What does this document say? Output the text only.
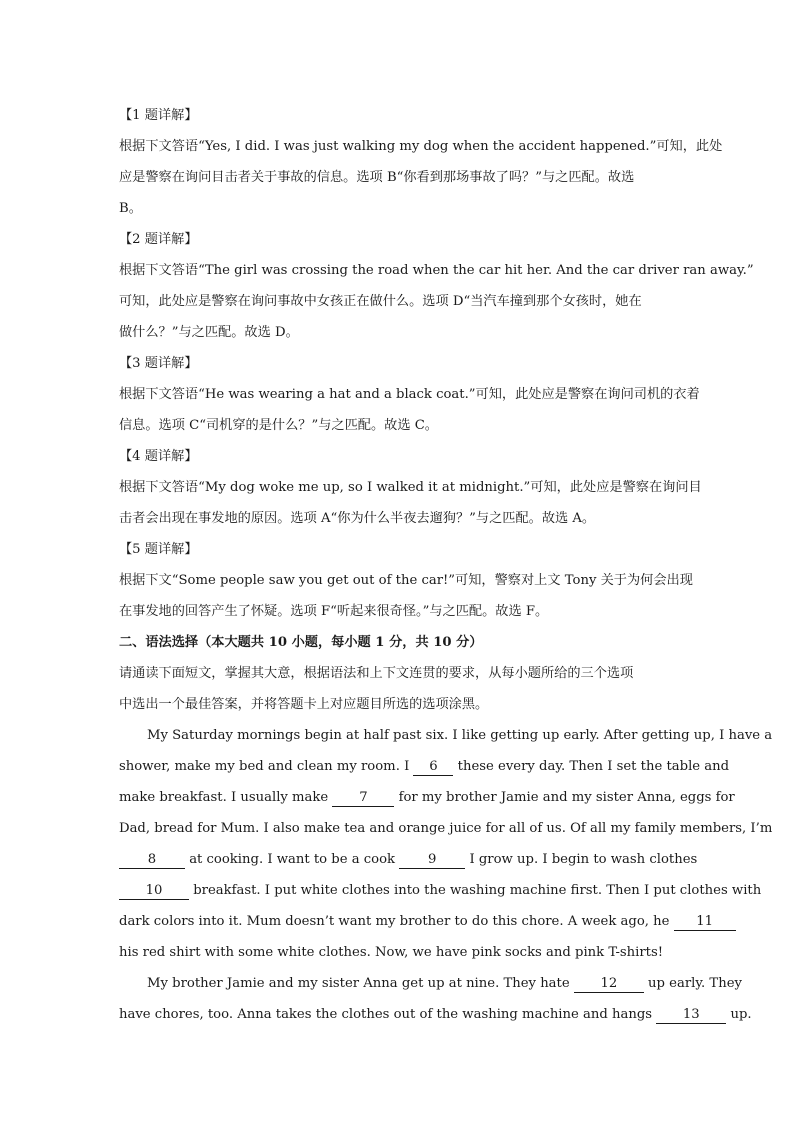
【1 题详解】
根据下文答语“Yes, I did. I was just walking my dog when the accident happened.”可知，此处
应是警察在询问目击者关于事故的信息。选项 B“你看到那场事故了吗？”与之匹配。故选
B。
【2 题详解】
根据下文答语“The girl was crossing the road when the car hit her. And the car driver ran away.”
可知，此处应是警察在询问事故中女孩正在做什么。选项 D“当汽车撞到那个女孩时，她在
做什么？”与之匹配。故选 D。
【3 题详解】
根据下文答语“He was wearing a hat and a black coat.”可知，此处应是警察在询问司机的衣着
信息。选项 C“司机穿的是什么？”与之匹配。故选 C。
【4 题详解】
根据下文答语“My dog woke me up, so I walked it at midnight.”可知，此处应是警察在询问目
击者会出现在事发地的原因。选项 A“你为什么半夜去遛狗？”与之匹配。故选 A。
【5 题详解】
根据下文“Some people saw you get out of the car!”可知，警察对上文 Tony 关于为何会出现
在事发地的回答产生了怀疑。选项 F“听起来很奇怪。”与之匹配。故选 F。
二、语法选择（本大题共 10 小题，每小题 1 分，共 10 分）
请通读下面短文，掌握其大意，根据语法和上下文连贯的要求，从每小题所给的三个选项
中选出一个最佳答案，并将答题卡上对应题目所选的选项涂黑。
My Saturday mornings begin at half past six. I like getting up early. After getting up, I have a
shower, make my bed and clean my room. I 6 these every day. Then I set the table and
make breakfast. I usually make 7 for my brother Jamie and my sister Anna, eggs for
Dad, bread for Mum. I also make tea and orange juice for all of us. Of all my family members, I’m
8 at cooking. I want to be a cook 9 I grow up. I begin to wash clothes
10 breakfast. I put white clothes into the washing machine first. Then I put clothes with
dark colors into it. Mum doesn’t want my brother to do this chore. A week ago, he 11
his red shirt with some white clothes. Now, we have pink socks and pink T-shirts!
My brother Jamie and my sister Anna get up at nine. They hate 12 up early. They
have chores, too. Anna takes the clothes out of the washing machine and hangs 13 up.
